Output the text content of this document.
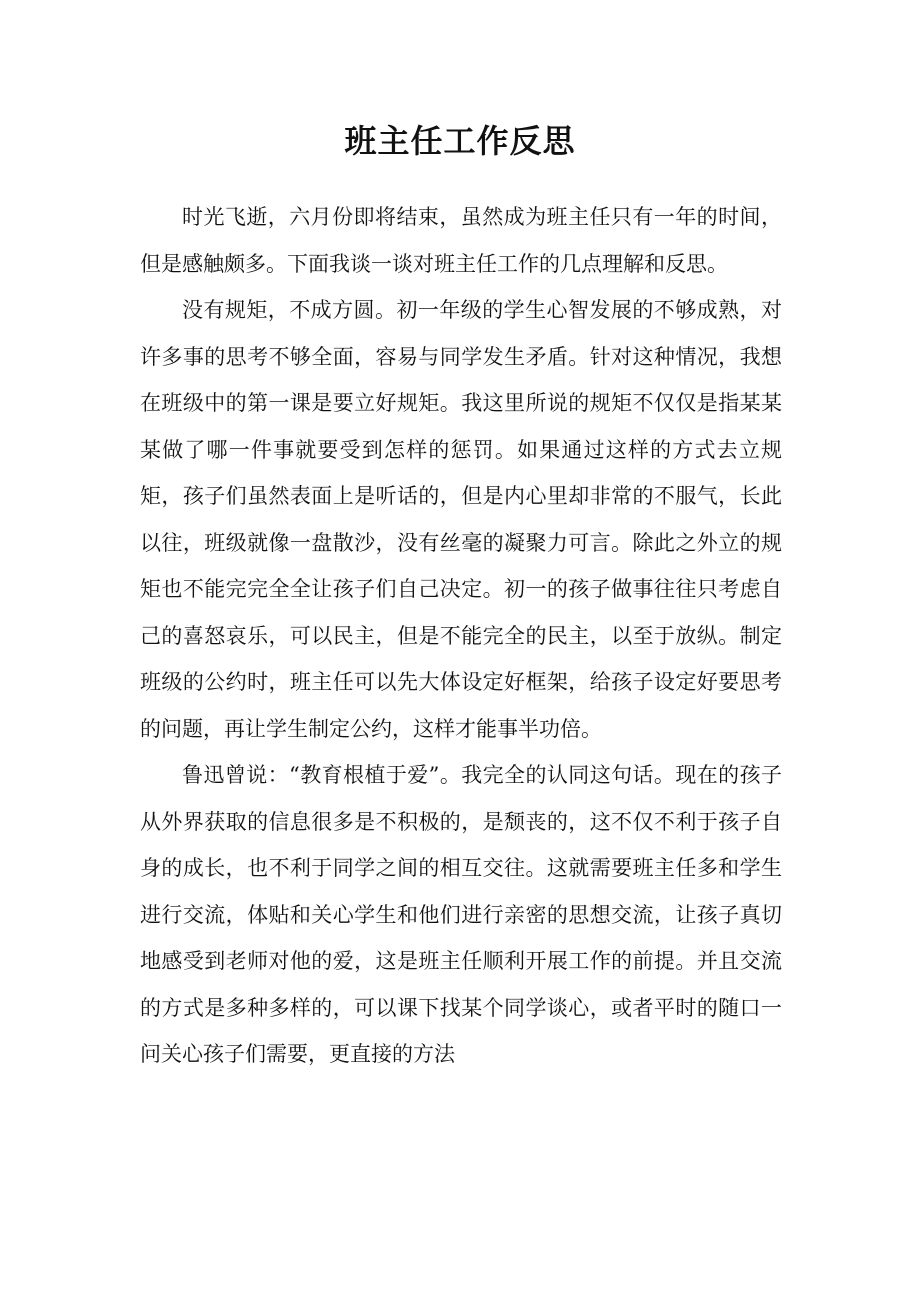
班主任工作反思

时光飞逝，六月份即将结束，虽然成为班主任只有一年的时间，但是感触颇多。下面我谈一谈对班主任工作的几点理解和反思。

没有规矩，不成方圆。初一年级的学生心智发展的不够成熟，对许多事的思考不够全面，容易与同学发生矛盾。针对这种情况，我想在班级中的第一课是要立好规矩。我这里所说的规矩不仅仅是指某某某做了哪一件事就要受到怎样的惩罚。如果通过这样的方式去立规矩，孩子们虽然表面上是听话的，但是内心里却非常的不服气，长此以往，班级就像一盘散沙，没有丝毫的凝聚力可言。除此之外立的规矩也不能完完全全让孩子们自己决定。初一的孩子做事往往只考虑自己的喜怒哀乐，可以民主，但是不能完全的民主，以至于放纵。制定班级的公约时，班主任可以先大体设定好框架，给孩子设定好要思考的问题，再让学生制定公约，这样才能事半功倍。

鲁迅曾说：“教育根植于爱”。我完全的认同这句话。现在的孩子从外界获取的信息很多是不积极的，是颓丧的，这不仅不利于孩子自身的成长，也不利于同学之间的相互交往。这就需要班主任多和学生进行交流，体贴和关心学生和他们进行亲密的思想交流，让孩子真切地感受到老师对他的爱，这是班主任顺利开展工作的前提。并且交流的方式是多种多样的，可以课下找某个同学谈心，或者平时的随口一问关心孩子们需要，更直接的方法
